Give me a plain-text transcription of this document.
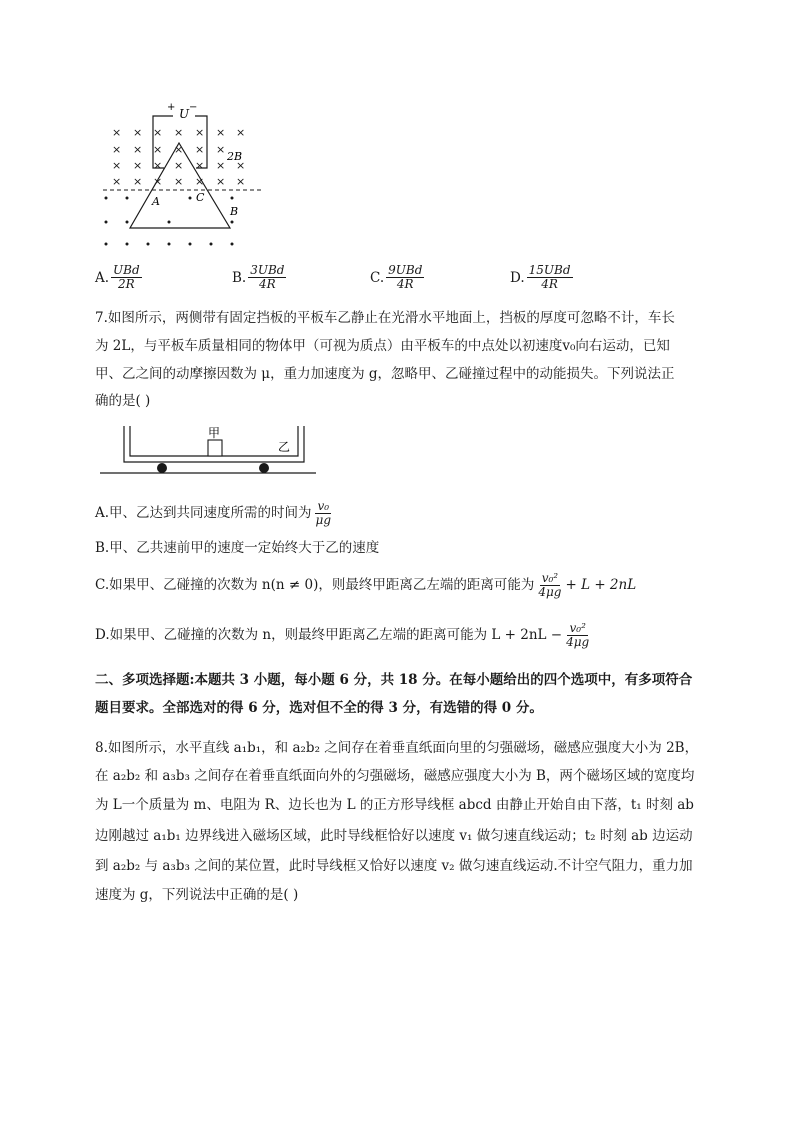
× × × × × × ×
× × × × × ×
× × × × × × ×
× × × × × × ×
+ U −
2B
A	C
B
A. $\frac{\text{UBd}}{2R}$	B. $\frac{\text{3UBd}}{4R}$	C. $\frac{\text{9UBd}}{4R}$	D. $\frac{\text{15UBd}}{4R}$
7.如图所示，两侧带有固定挡板的平板车乙静止在光滑水平地面上，挡板的厚度可忽略不计，车长
为 2L，与平板车质量相同的物体甲（可视为质点）由平板车的中点处以初速度v₀向右运动，已知
甲、乙之间的动摩擦因数为 μ，重力加速度为 g，忽略甲、乙碰撞过程中的动能损失。下列说法正
确的是( )
甲
乙
A.甲、乙达到共同速度所需的时间为 $\frac{\text{v₀}}{\mu g}$
B.甲、乙共速前甲的速度一定始终大于乙的速度
C.如果甲、乙碰撞的次数为 n(n ≠ 0)，则最终甲距离乙左端的距离可能为 $\frac{\text{v₀²}}{4\mu g} + L + 2nL$
D.如果甲、乙碰撞的次数为 n，则最终甲距离乙左端的距离可能为 $L + 2nL - \frac{\text{v₀²}}{4\mu g}$
二、多项选择题:本题共 3 小题，每小题 6 分，共 18 分。在每小题给出的四个选项中，有多项符合
题目要求。全部选对的得 6 分，选对但不全的得 3 分，有选错的得 0 分。
8.如图所示，水平直线 a₁b₁，和 a₂b₂ 之间存在着垂直纸面向里的匀强磁场，磁感应强度大小为 2B，
在 a₂b₂ 和 a₃b₃ 之间存在着垂直纸面向外的匀强磁场，磁感应强度大小为 B，两个磁场区域的宽度均
为 L一个质量为 m、电阻为 R、边长也为 L 的正方形导线框 abcd 由静止开始自由下落，t₁ 时刻 ab
边刚越过 a₁b₁ 边界线进入磁场区域，此时导线框恰好以速度 v₁ 做匀速直线运动；t₂ 时刻 ab 边运动
到 a₂b₂ 与 a₃b₃ 之间的某位置，此时导线框又恰好以速度 v₂ 做匀速直线运动.不计空气阻力，重力加
速度为 g，下列说法中正确的是( )
